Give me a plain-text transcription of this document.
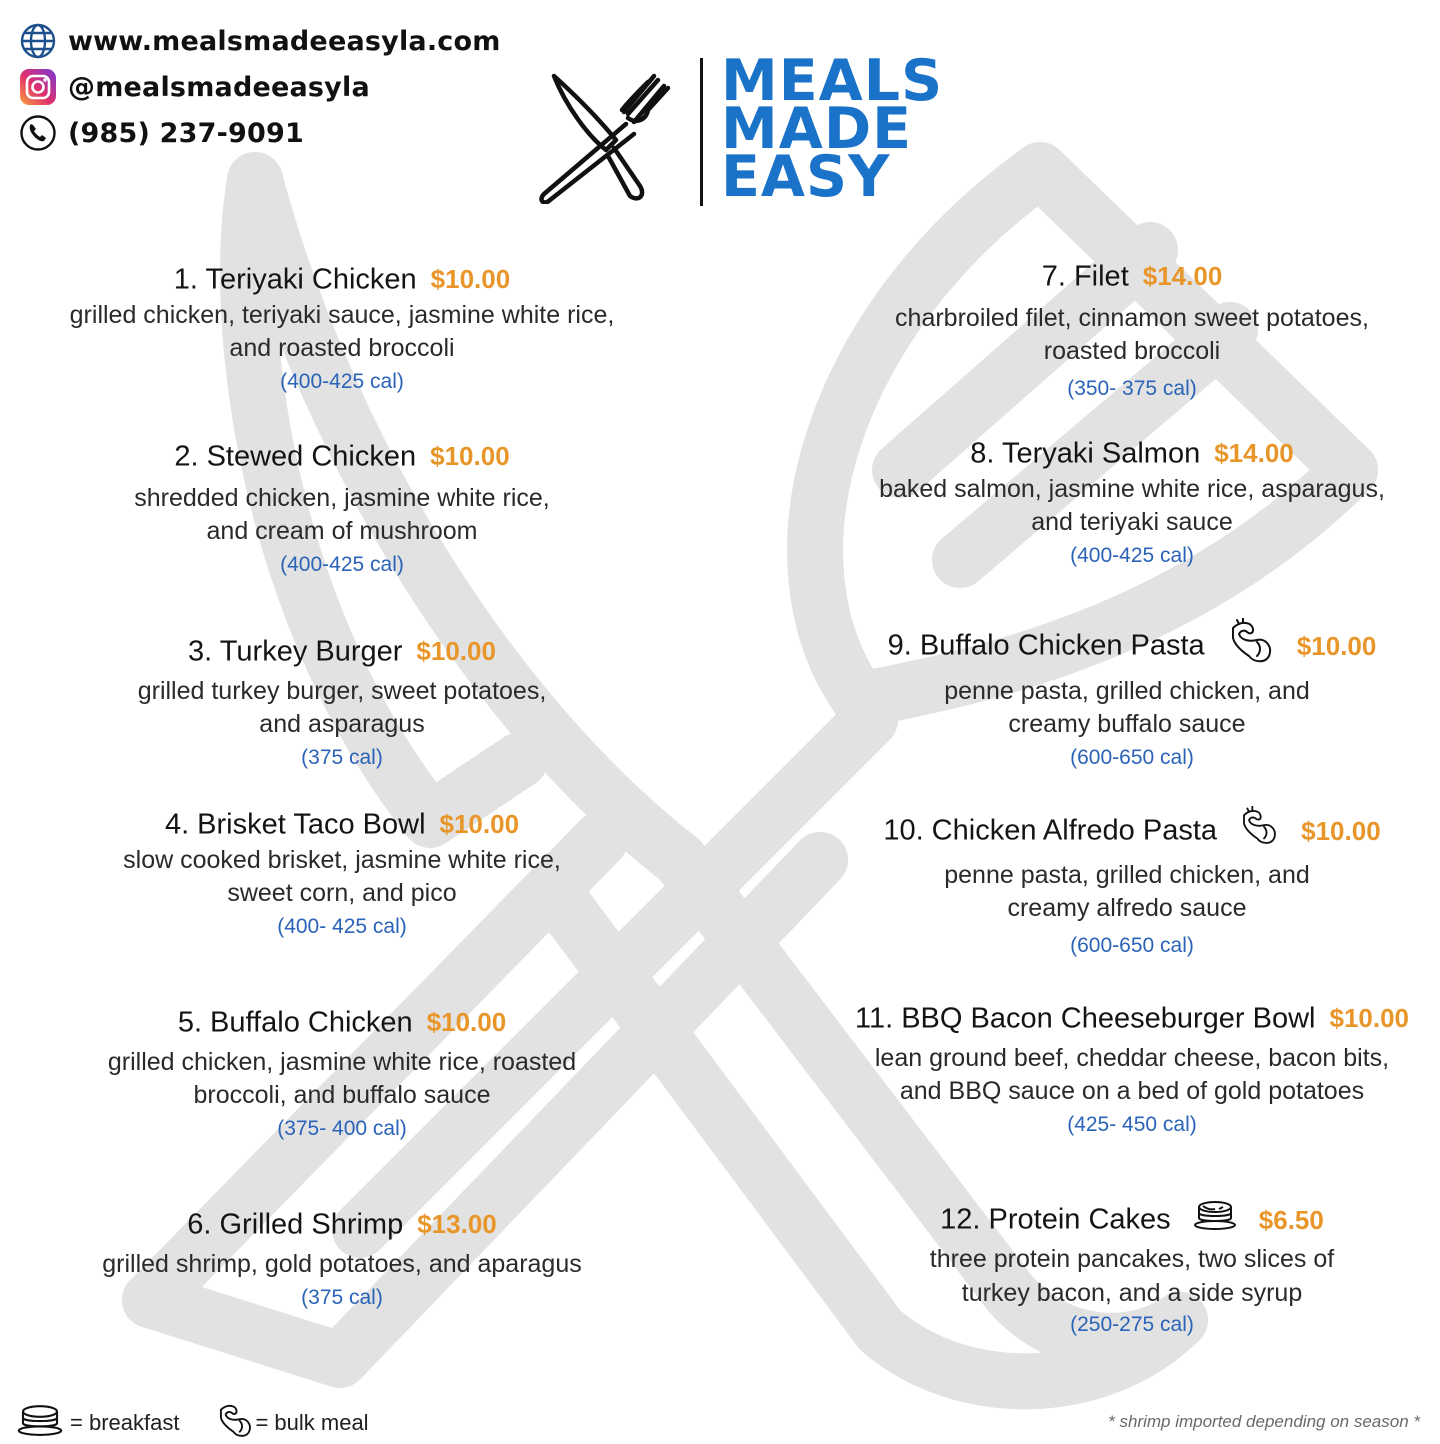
www.mealsmadeeasyla.com
@mealsmadeeasyla
(985) 237-9091
MEALS
MADE
EASY
1. Teriyaki Chicken $10.00
grilled chicken, teriyaki sauce, jasmine white rice,
and roasted broccoli
(400-425 cal)
2. Stewed Chicken $10.00
shredded chicken, jasmine white rice,
and cream of mushroom
(400-425 cal)
3. Turkey Burger $10.00
grilled turkey burger, sweet potatoes,
and asparagus
(375 cal)
4. Brisket Taco Bowl $10.00
slow cooked brisket, jasmine white rice,
sweet corn, and pico
(400- 425 cal)
5. Buffalo Chicken $10.00
grilled chicken, jasmine white rice, roasted
broccoli, and buffalo sauce
(375- 400 cal)
6. Grilled Shrimp $13.00
grilled shrimp, gold potatoes, and aparagus
(375 cal)
7. Filet $14.00
charbroiled filet, cinnamon sweet potatoes,
roasted broccoli
(350- 375 cal)
8. Teryaki Salmon $14.00
baked salmon, jasmine white rice, asparagus,
and teriyaki sauce
(400-425 cal)
9. Buffalo Chicken Pasta	$10.00
penne pasta, grilled chicken, and
creamy buffalo sauce
(600-650 cal)
10. Chicken Alfredo Pasta	$10.00
penne pasta, grilled chicken, and
creamy alfredo sauce
(600-650 cal)
11. BBQ Bacon Cheeseburger Bowl $10.00
lean ground beef, cheddar cheese, bacon bits,
and BBQ sauce on a bed of gold potatoes
(425- 450 cal)
12. Protein Cakes	$6.50
three protein pancakes, two slices of
turkey bacon, and a side syrup
(250-275 cal)
= breakfast	= bulk meal	* shrimp imported depending on season *
